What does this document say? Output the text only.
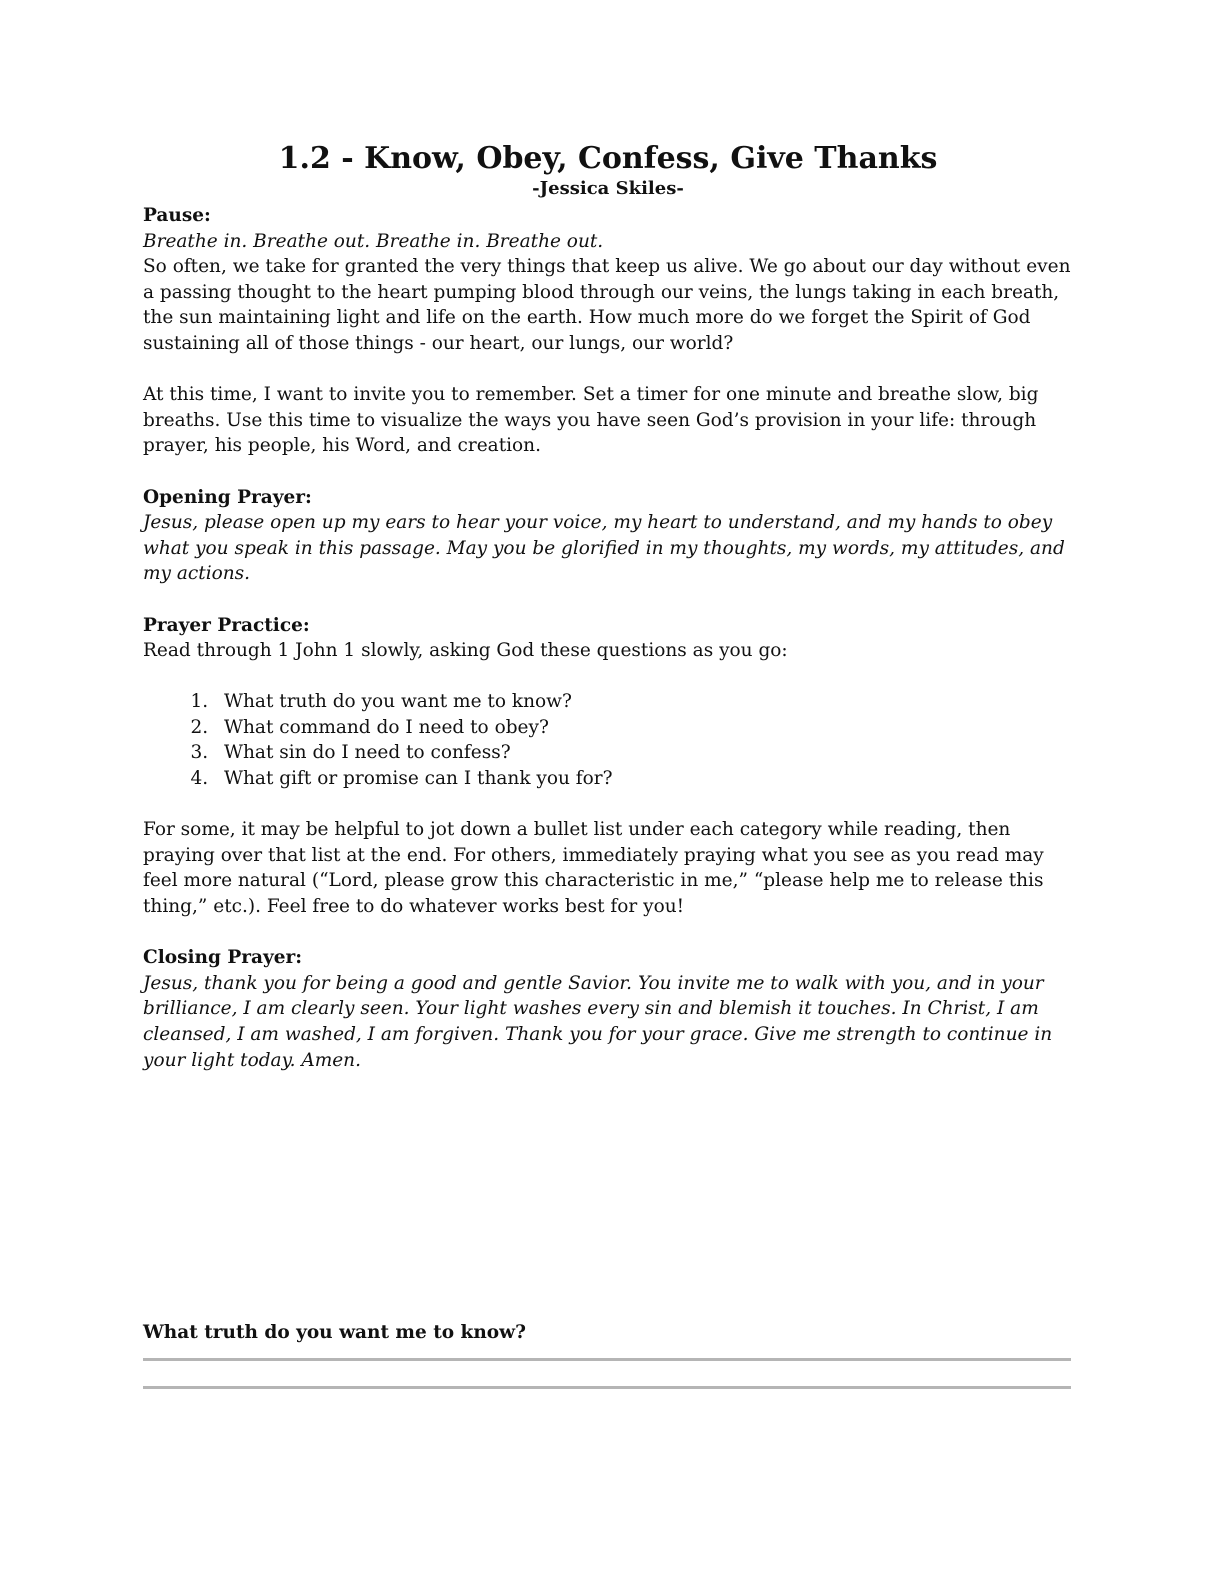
1.2 - Know, Obey, Confess, Give Thanks

-Jessica Skiles-

Pause:

Breathe in. Breathe out. Breathe in. Breathe out.

So often, we take for granted the very things that keep us alive. We go about our day without even a passing thought to the heart pumping blood through our veins, the lungs taking in each breath, the sun maintaining light and life on the earth. How much more do we forget the Spirit of God sustaining all of those things - our heart, our lungs, our world?

At this time, I want to invite you to remember. Set a timer for one minute and breathe slow, big breaths. Use this time to visualize the ways you have seen God’s provision in your life: through prayer, his people, his Word, and creation.

Opening Prayer:

Jesus, please open up my ears to hear your voice, my heart to understand, and my hands to obey what you speak in this passage. May you be glorified in my thoughts, my words, my attitudes, and my actions.

Prayer Practice:

Read through 1 John 1 slowly, asking God these questions as you go:

1. What truth do you want me to know?
2. What command do I need to obey?
3. What sin do I need to confess?
4. What gift or promise can I thank you for?

For some, it may be helpful to jot down a bullet list under each category while reading, then praying over that list at the end. For others, immediately praying what you see as you read may feel more natural (“Lord, please grow this characteristic in me,” “please help me to release this thing,” etc.). Feel free to do whatever works best for you!

Closing Prayer:

Jesus, thank you for being a good and gentle Savior. You invite me to walk with you, and in your brilliance, I am clearly seen. Your light washes every sin and blemish it touches. In Christ, I am cleansed, I am washed, I am forgiven. Thank you for your grace. Give me strength to continue in your light today. Amen.

What truth do you want me to know?
